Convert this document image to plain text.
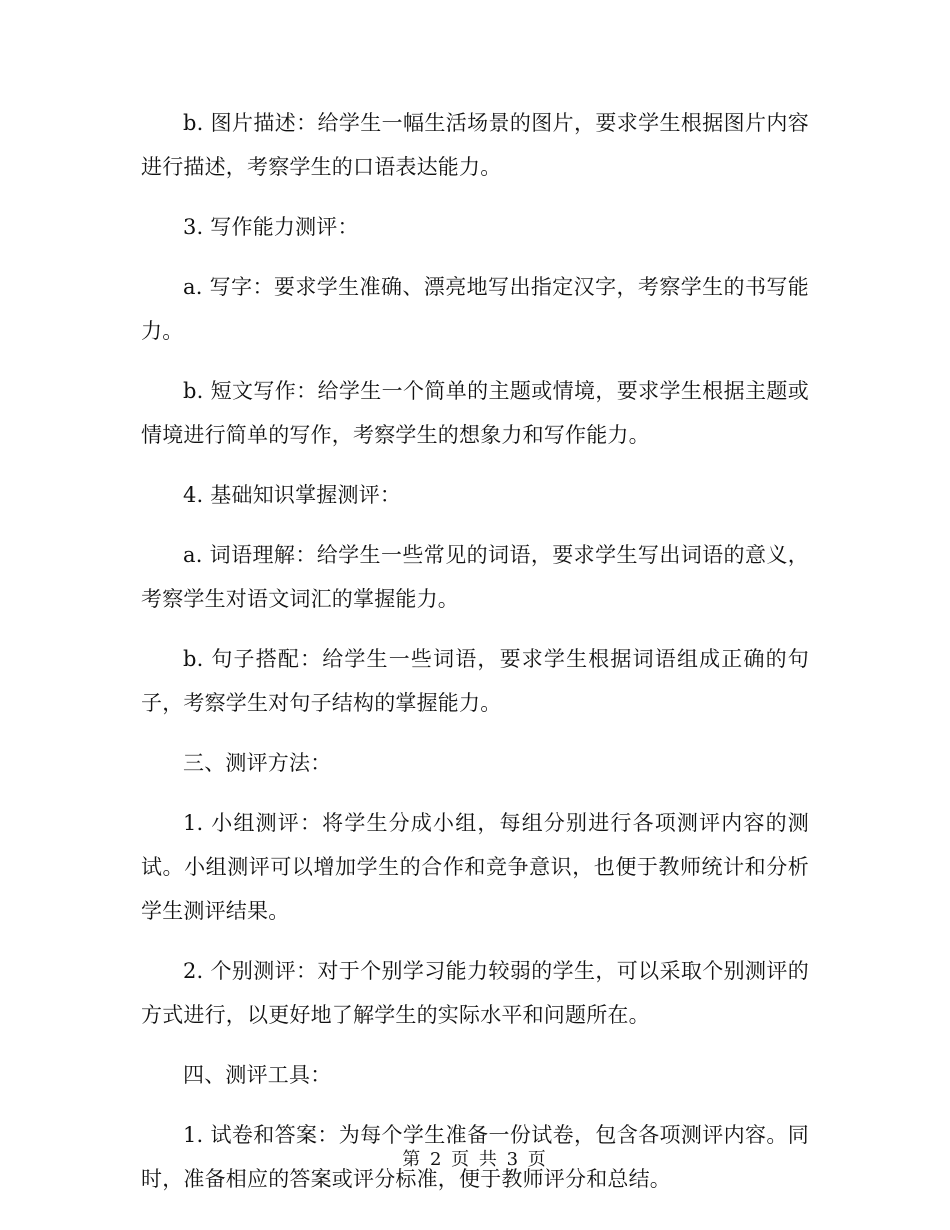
b. 图片描述：给学生一幅生活场景的图片，要求学生根据图片内容进行描述，考察学生的口语表达能力。

3. 写作能力测评：

a. 写字：要求学生准确、漂亮地写出指定汉字，考察学生的书写能力。

b. 短文写作：给学生一个简单的主题或情境，要求学生根据主题或情境进行简单的写作，考察学生的想象力和写作能力。

4. 基础知识掌握测评：

a. 词语理解：给学生一些常见的词语，要求学生写出词语的意义，考察学生对语文词汇的掌握能力。

b. 句子搭配：给学生一些词语，要求学生根据词语组成正确的句子，考察学生对句子结构的掌握能力。

三、测评方法：

1. 小组测评：将学生分成小组，每组分别进行各项测评内容的测试。小组测评可以增加学生的合作和竞争意识，也便于教师统计和分析学生测评结果。

2. 个别测评：对于个别学习能力较弱的学生，可以采取个别测评的方式进行，以更好地了解学生的实际水平和问题所在。

四、测评工具：

1. 试卷和答案：为每个学生准备一份试卷，包含各项测评内容。同时，准备相应的答案或评分标准，便于教师评分和总结。

第 2 页 共 3 页
